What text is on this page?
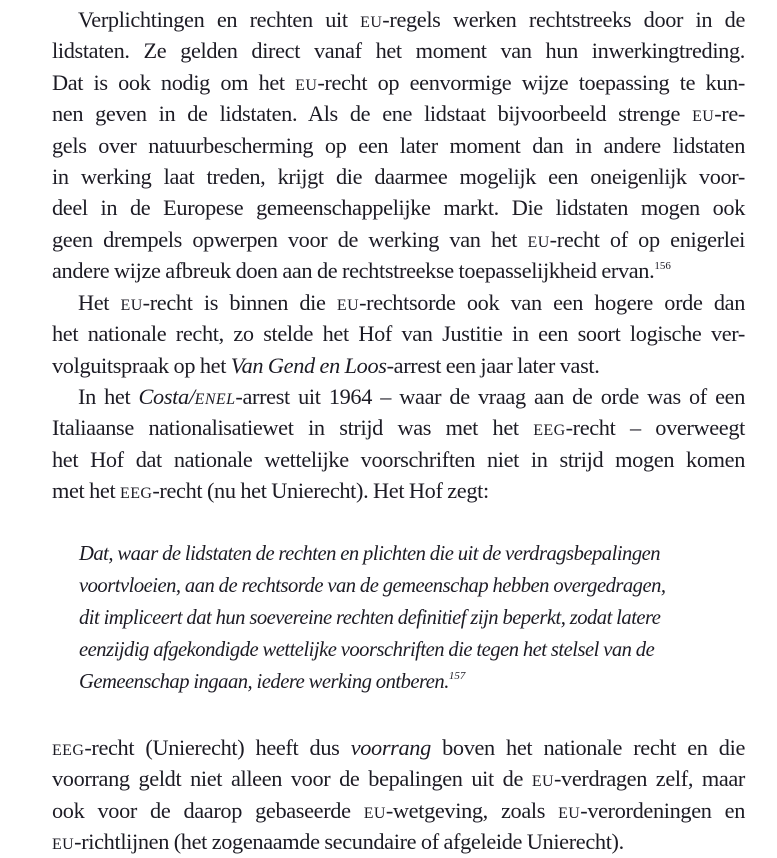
Verplichtingen en rechten uit eu-regels werken rechtstreeks door in de
lidstaten. Ze gelden direct vanaf het moment van hun inwerkingtreding.
Dat is ook nodig om het eu-recht op eenvormige wijze toepassing te kun-
nen geven in de lidstaten. Als de ene lidstaat bijvoorbeeld strenge eu-re-
gels over natuurbescherming op een later moment dan in andere lidstaten
in werking laat treden, krijgt die daarmee mogelijk een oneigenlijk voor-
deel in de Europese gemeenschappelijke markt. Die lidstaten mogen ook
geen drempels opwerpen voor de werking van het eu-recht of op enigerlei
andere wijze afbreuk doen aan de rechtstreekse toepasselijkheid ervan.$^{156}$

Het eu-recht is binnen die eu-rechtsorde ook van een hogere orde dan
het nationale recht, zo stelde het Hof van Justitie in een soort logische ver-
volguitspraak op het Van Gend en Loos-arrest een jaar later vast.

In het Costa/enel-arrest uit 1964 – waar de vraag aan de orde was of een
Italiaanse nationalisatiewet in strijd was met het eeg-recht – overweegt
het Hof dat nationale wettelijke voorschriften niet in strijd mogen komen
met het eeg-recht (nu het Unierecht). Het Hof zegt:

Dat, waar de lidstaten de rechten en plichten die uit de verdragsbepalingen
voortvloeien, aan de rechtsorde van de gemeenschap hebben overgedragen,
dit impliceert dat hun soevereine rechten definitief zijn beperkt, zodat latere
eenzijdig afgekondigde wettelijke voorschriften die tegen het stelsel van de
Gemeenschap ingaan, iedere werking ontberen.$^{157}$

eeg-recht (Unierecht) heeft dus voorrang boven het nationale recht en die
voorrang geldt niet alleen voor de bepalingen uit de eu-verdragen zelf, maar
ook voor de daarop gebaseerde eu-wetgeving, zoals eu-verordeningen en
eu-richtlijnen (het zogenaamde secundaire of afgeleide Unierecht).
